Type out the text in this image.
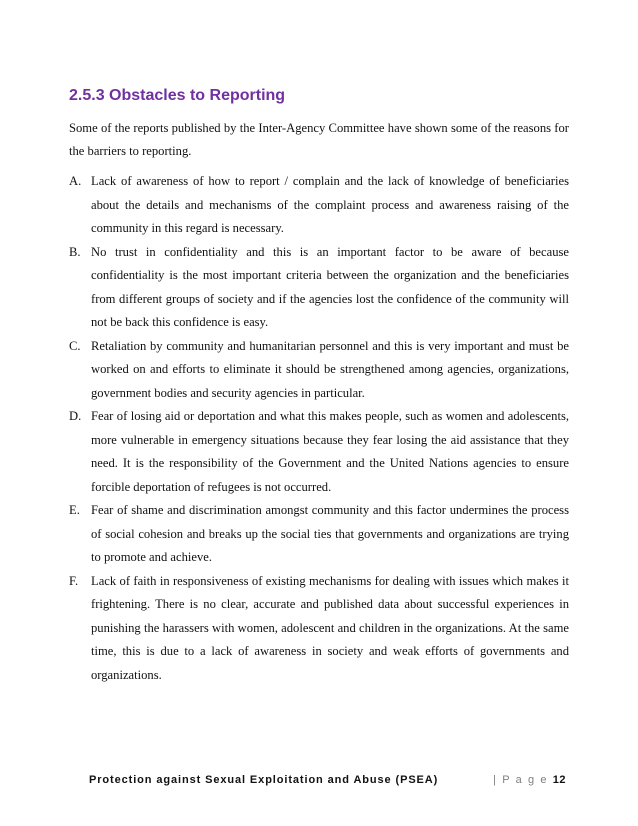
2.5.3 Obstacles to Reporting
Some of the reports published by the Inter-Agency Committee have shown some of the reasons for the barriers to reporting.
A. Lack of awareness of how to report / complain and the lack of knowledge of beneficiaries about the details and mechanisms of the complaint process and awareness raising of the community in this regard is necessary.
B. No trust in confidentiality and this is an important factor to be aware of because confidentiality is the most important criteria between the organization and the beneficiaries from different groups of society and if the agencies lost the confidence of the community will not be back this confidence is easy.
C. Retaliation by community and humanitarian personnel and this is very important and must be worked on and efforts to eliminate it should be strengthened among agencies, organizations, government bodies and security agencies in particular.
D. Fear of losing aid or deportation and what this makes people, such as women and adolescents, more vulnerable in emergency situations because they fear losing the aid assistance that they need. It is the responsibility of the Government and the United Nations agencies to ensure forcible deportation of refugees is not occurred.
E. Fear of shame and discrimination amongst community and this factor undermines the process of social cohesion and breaks up the social ties that governments and organizations are trying to promote and achieve.
F. Lack of faith in responsiveness of existing mechanisms for dealing with issues which makes it frightening. There is no clear, accurate and published data about successful experiences in punishing the harassers with women, adolescent and children in the organizations. At the same time, this is due to a lack of awareness in society and weak efforts of governments and organizations.
Protection against Sexual Exploitation and Abuse (PSEA)	| P a g e 12
